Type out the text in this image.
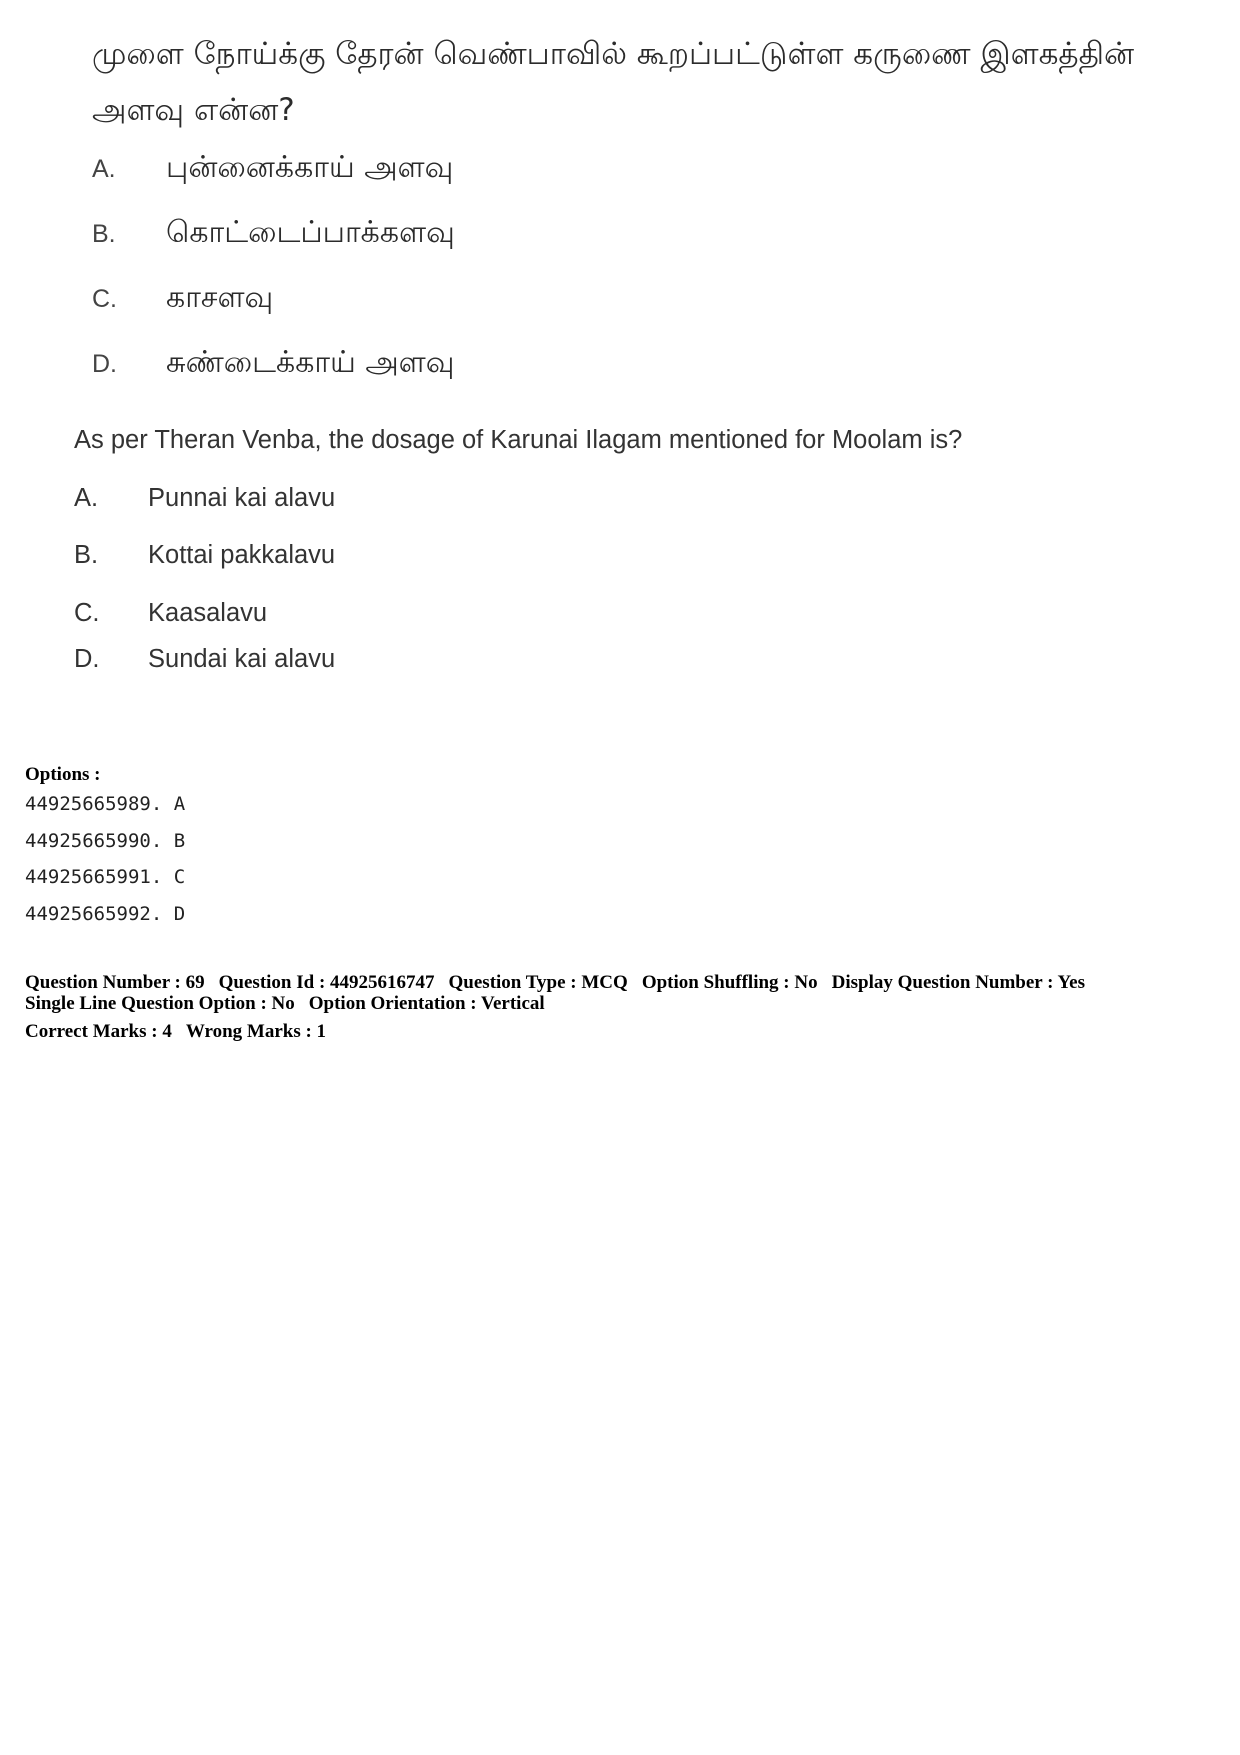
முளை நோய்க்கு தேரன் வெண்பாவில் கூறப்பட்டுள்ள கருணை இளகத்தின் அளவு என்ன?
A.	புன்னைக்காய் அளவு
B.	கொட்டைப்பாக்களவு
C.	காசளவு
D.	சுண்டைக்காய் அளவு
As per Theran Venba, the dosage of Karunai Ilagam mentioned for Moolam is?
A.	Punnai kai alavu
B.	Kottai pakkalavu
C.	Kaasalavu
D.	Sundai kai alavu
Options :
44925665989. A
44925665990. B
44925665991. C
44925665992. D
Question Number : 69 Question Id : 44925616747 Question Type : MCQ Option Shuffling : No Display Question Number : Yes
Single Line Question Option : No Option Orientation : Vertical
Correct Marks : 4 Wrong Marks : 1
